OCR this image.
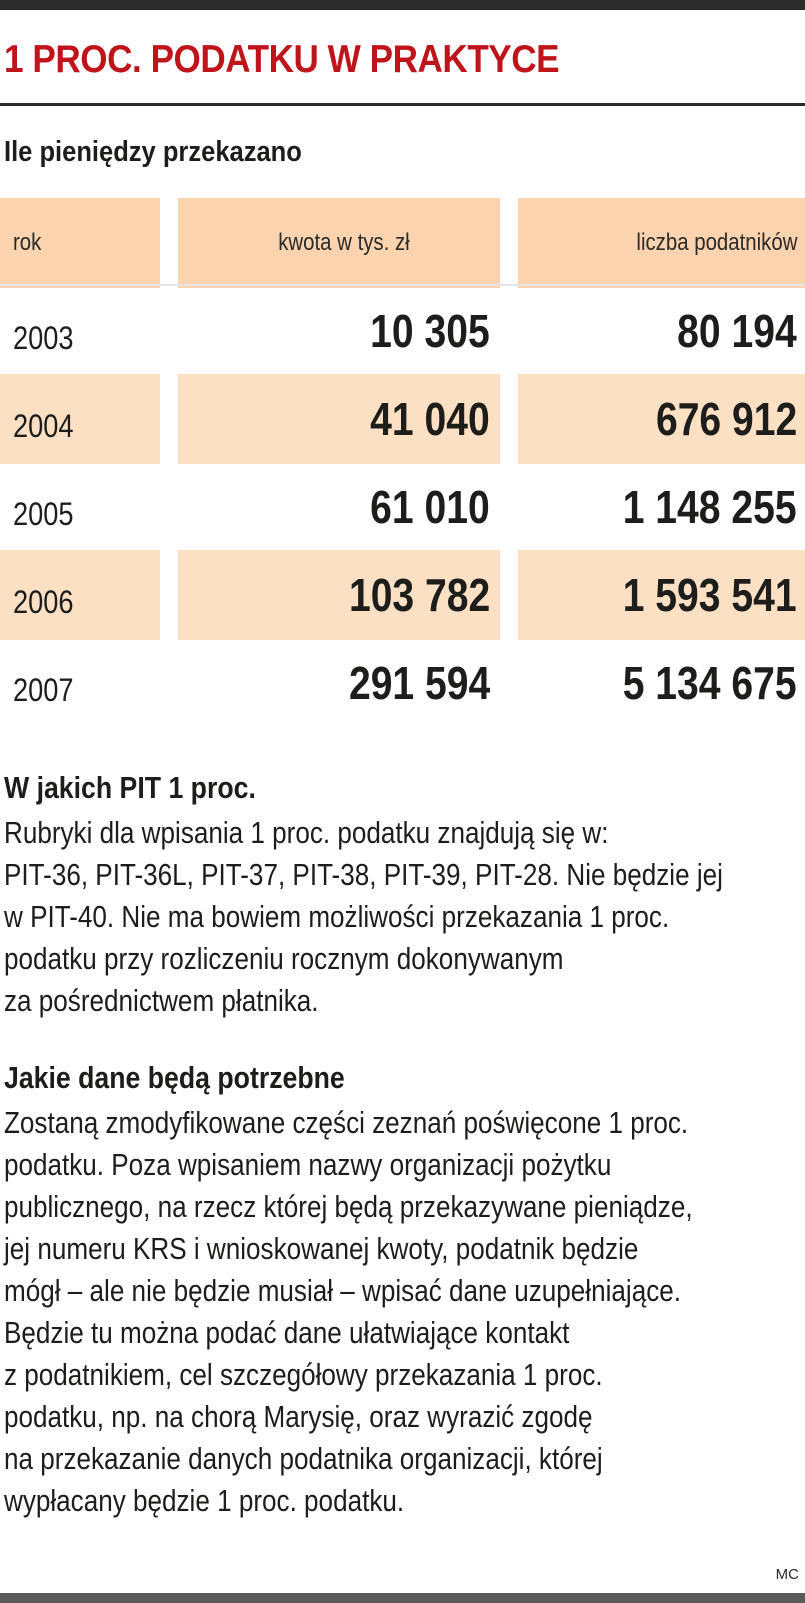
1 PROC. PODATKU W PRAKTYCE
Ile pieniędzy przekazano
rok	kwota w tys. zł	liczba podatników
2003	10 305	80 194
2004	41 040	676 912
2005	61 010	1 148 255
2006	103 782	1 593 541
2007	291 594	5 134 675
W jakich PIT 1 proc.
Rubryki dla wpisania 1 proc. podatku znajdują się w:
PIT-36, PIT-36L, PIT-37, PIT-38, PIT-39, PIT-28. Nie będzie jej
w PIT-40. Nie ma bowiem możliwości przekazania 1 proc.
podatku przy rozliczeniu rocznym dokonywanym
za pośrednictwem płatnika.
Jakie dane będą potrzebne
Zostaną zmodyfikowane części zeznań poświęcone 1 proc.
podatku. Poza wpisaniem nazwy organizacji pożytku
publicznego, na rzecz której będą przekazywane pieniądze,
jej numeru KRS i wnioskowanej kwoty, podatnik będzie
mógł – ale nie będzie musiał – wpisać dane uzupełniające.
Będzie tu można podać dane ułatwiające kontakt
z podatnikiem, cel szczegółowy przekazania 1 proc.
podatku, np. na chorą Marysię, oraz wyrazić zgodę
na przekazanie danych podatnika organizacji, której
wypłacany będzie 1 proc. podatku.
MC
